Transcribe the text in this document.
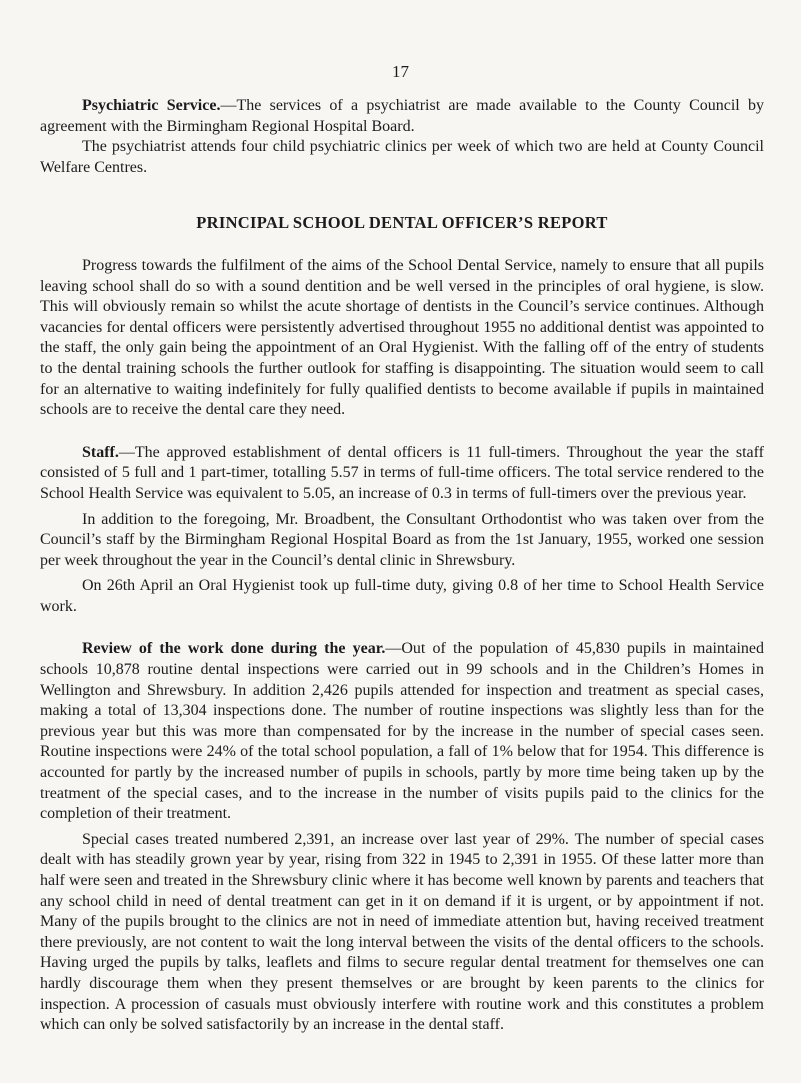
17

Psychiatric Service.—The services of a psychiatrist are made available to the County Council by agreement with the Birmingham Regional Hospital Board.

The psychiatrist attends four child psychiatric clinics per week of which two are held at County Council Welfare Centres.

PRINCIPAL SCHOOL DENTAL OFFICER’S REPORT

Progress towards the fulfilment of the aims of the School Dental Service, namely to ensure that all pupils leaving school shall do so with a sound dentition and be well versed in the principles of oral hygiene, is slow. This will obviously remain so whilst the acute shortage of dentists in the Council’s service continues. Although vacancies for dental officers were persistently advertised throughout 1955 no additional dentist was appointed to the staff, the only gain being the appointment of an Oral Hygienist. With the falling off of the entry of students to the dental training schools the further outlook for staffing is disappointing. The situation would seem to call for an alternative to waiting indefinitely for fully qualified dentists to become available if pupils in maintained schools are to receive the dental care they need.

Staff.—The approved establishment of dental officers is 11 full-timers. Throughout the year the staff consisted of 5 full and 1 part-timer, totalling 5.57 in terms of full-time officers. The total service rendered to the School Health Service was equivalent to 5.05, an increase of 0.3 in terms of full-timers over the previous year.

In addition to the foregoing, Mr. Broadbent, the Consultant Orthodontist who was taken over from the Council’s staff by the Birmingham Regional Hospital Board as from the 1st January, 1955, worked one session per week throughout the year in the Council’s dental clinic in Shrewsbury.

On 26th April an Oral Hygienist took up full-time duty, giving 0.8 of her time to School Health Service work.

Review of the work done during the year.—Out of the population of 45,830 pupils in maintained schools 10,878 routine dental inspections were carried out in 99 schools and in the Children’s Homes in Wellington and Shrewsbury. In addition 2,426 pupils attended for inspection and treatment as special cases, making a total of 13,304 inspections done. The number of routine inspections was slightly less than for the previous year but this was more than compensated for by the increase in the number of special cases seen. Routine inspections were 24% of the total school population, a fall of 1% below that for 1954. This difference is accounted for partly by the increased number of pupils in schools, partly by more time being taken up by the treatment of the special cases, and to the increase in the number of visits pupils paid to the clinics for the completion of their treatment.

Special cases treated numbered 2,391, an increase over last year of 29%. The number of special cases dealt with has steadily grown year by year, rising from 322 in 1945 to 2,391 in 1955. Of these latter more than half were seen and treated in the Shrewsbury clinic where it has become well known by parents and teachers that any school child in need of dental treatment can get in it on demand if it is urgent, or by appointment if not. Many of the pupils brought to the clinics are not in need of immediate attention but, having received treatment there previously, are not content to wait the long interval between the visits of the dental officers to the schools. Having urged the pupils by talks, leaflets and films to secure regular dental treatment for themselves one can hardly discourage them when they present themselves or are brought by keen parents to the clinics for inspection. A procession of casuals must obviously interfere with routine work and this constitutes a problem which can only be solved satisfactorily by an increase in the dental staff.
